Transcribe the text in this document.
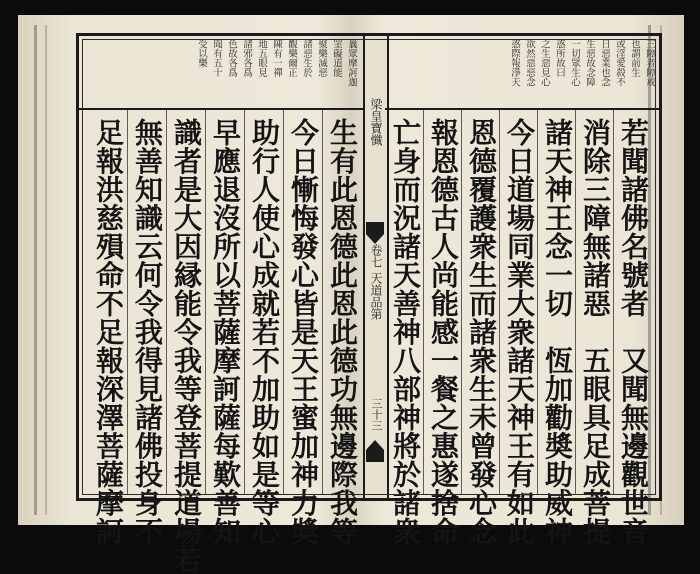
梁皇寶懺
卷七 天道品第
三十三
三障者障戒
也謂前生
或淫愛殺不
日惡業也念
生惡故念障
一切眾生心
惑所故曰
之生惡見心
欲然惡惡念
惑際報淨天
曩眾摩訶迦
罣礙道能
聚樂滅惡
諸惡生於
觀樂爾正
陳有一禪
地五眼見
諸邪各爲
色故各爲
聞有五十
受以樂
若聞諸佛名號者　又聞無邊觀世音
消除三障無諸惡　五眼具足成菩提
諸天神王念一切　恆加勸奬助威神
今日道場同業大衆諸天神王有如此
恩德覆護衆生而諸衆生未曾發心念
報恩德古人尚能感一餐之惠遂捨命
亡身而況諸天善神八部神將於諸衆
生有此恩德此恩此德功無邊際我等
今日慚悔發心皆是天王蜜加神力奬
助行人使心成就若不加助如是等心
早應退沒所以菩薩摩訶薩每歎善知
識者是大因縁能令我等登菩提道場若
無善知識云何令我得見諸佛投身不
足報洪慈殞命不足報深澤菩薩摩訶
